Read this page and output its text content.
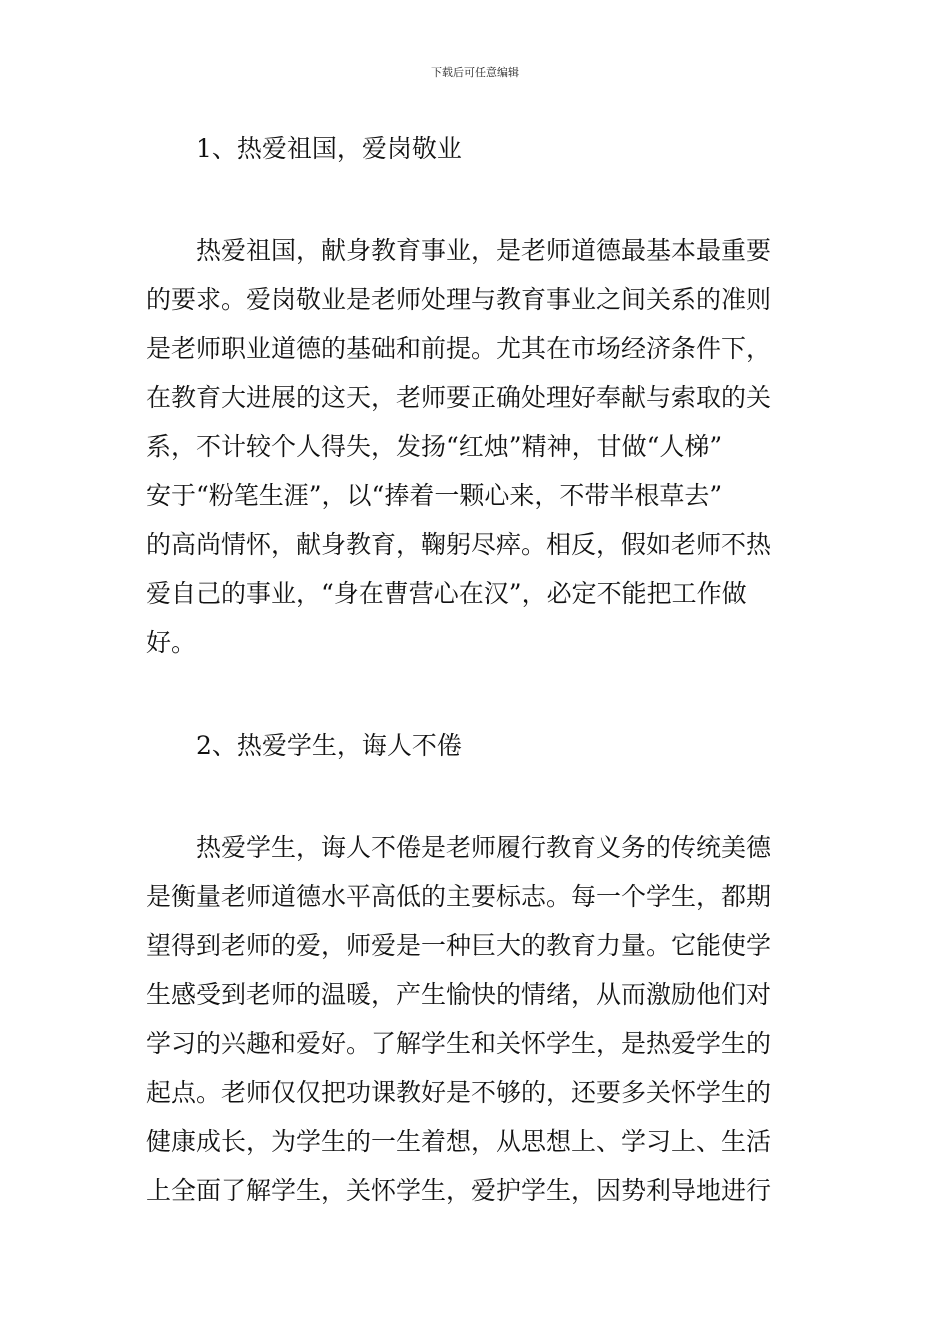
下载后可任意编辑
1、热爱祖国，爱岗敬业
热爱祖国，献身教育事业，是老师道德最基本最重要
的要求。爱岗敬业是老师处理与教育事业之间关系的准则
是老师职业道德的基础和前提。尤其在市场经济条件下，
在教育大进展的这天，老师要正确处理好奉献与索取的关
系，不计较个人得失，发扬“红烛”精神，甘做“人梯”
安于“粉笔生涯”，以“捧着一颗心来，不带半根草去”
的高尚情怀，献身教育，鞠躬尽瘁。相反，假如老师不热
爱自己的事业，“身在曹营心在汉”，必定不能把工作做
好。
2、热爱学生，诲人不倦
热爱学生，诲人不倦是老师履行教育义务的传统美德
是衡量老师道德水平高低的主要标志。每一个学生，都期
望得到老师的爱，师爱是一种巨大的教育力量。它能使学
生感受到老师的温暖，产生愉快的情绪，从而激励他们对
学习的兴趣和爱好。了解学生和关怀学生，是热爱学生的
起点。老师仅仅把功课教好是不够的，还要多关怀学生的
健康成长，为学生的一生着想，从思想上、学习上、生活
上全面了解学生，关怀学生，爱护学生，因势利导地进行
